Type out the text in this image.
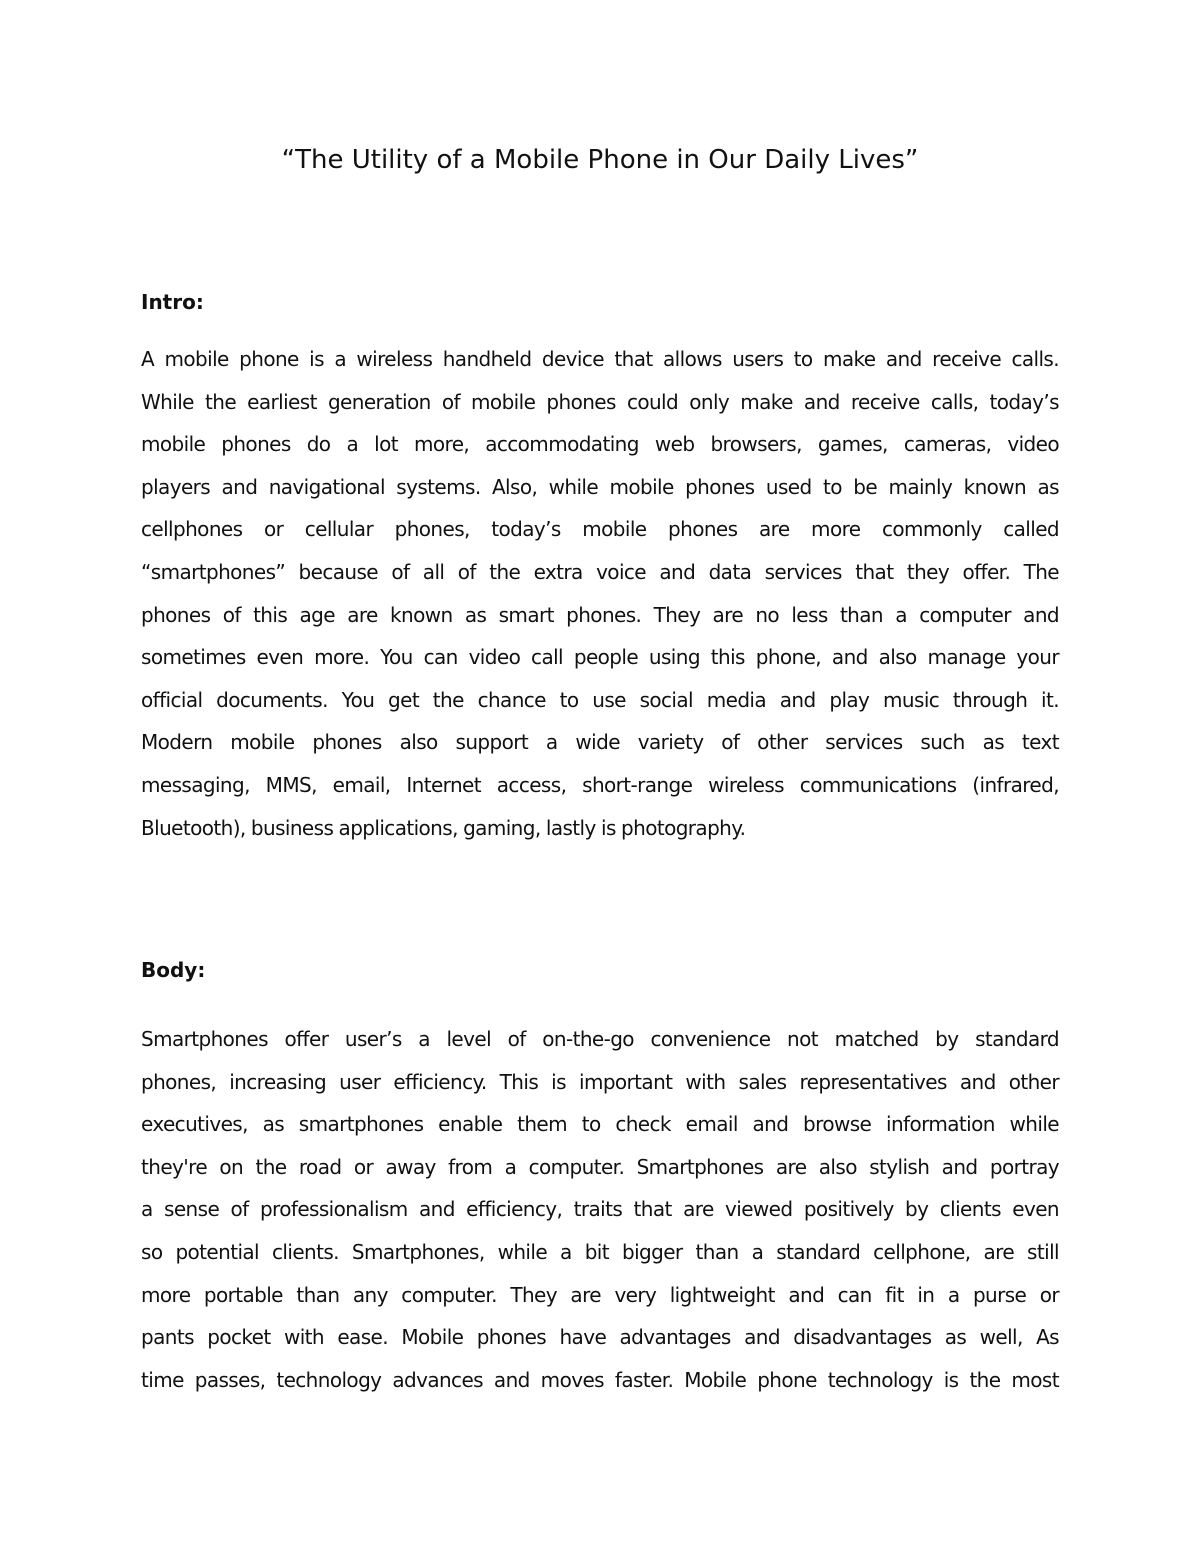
“The Utility of a Mobile Phone in Our Daily Lives”
Intro:

A mobile phone is a wireless handheld device that allows users to make and receive calls.
While the earliest generation of mobile phones could only make and receive calls, today’s
mobile phones do a lot more, accommodating web browsers, games, cameras, video
players and navigational systems. Also, while mobile phones used to be mainly known as
cellphones or cellular phones, today’s mobile phones are more commonly called
“smartphones” because of all of the extra voice and data services that they offer. The
phones of this age are known as smart phones. They are no less than a computer and
sometimes even more. You can video call people using this phone, and also manage your
official documents. You get the chance to use social media and play music through it.
Modern mobile phones also support a wide variety of other services such as text
messaging, MMS, email, Internet access, short-range wireless communications (infrared,
Bluetooth), business applications, gaming, lastly is photography.

Body:

Smartphones offer user’s a level of on-the-go convenience not matched by standard
phones, increasing user efficiency. This is important with sales representatives and other
executives, as smartphones enable them to check email and browse information while
they're on the road or away from a computer. Smartphones are also stylish and portray
a sense of professionalism and efficiency, traits that are viewed positively by clients even
so potential clients. Smartphones, while a bit bigger than a standard cellphone, are still
more portable than any computer. They are very lightweight and can fit in a purse or
pants pocket with ease. Mobile phones have advantages and disadvantages as well, As
time passes, technology advances and moves faster. Mobile phone technology is the most
